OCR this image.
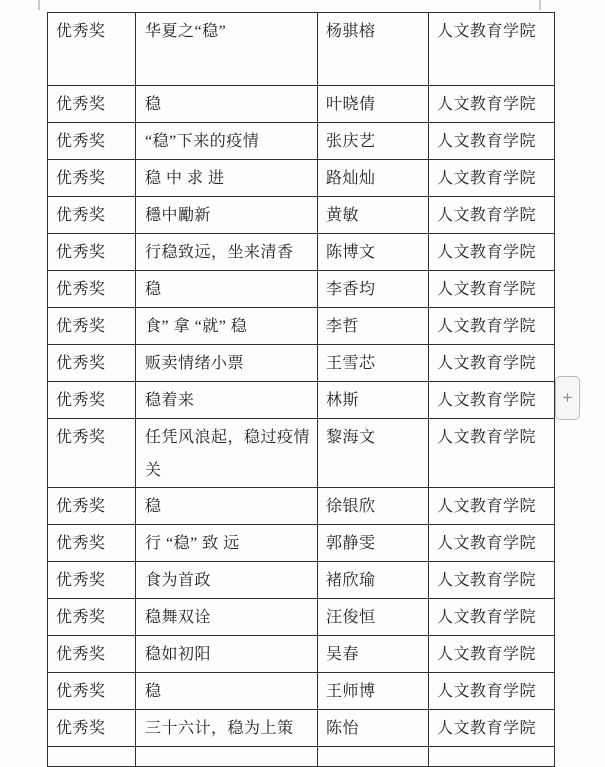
优秀奖	华夏之“稳”	杨骐榕	人文教育学院
优秀奖	稳	叶晓倩	人文教育学院
优秀奖	“稳”下来的疫情	张庆艺	人文教育学院
优秀奖	稳 中 求 进	路灿灿	人文教育学院
优秀奖	穩中勵新	黄敏	人文教育学院
优秀奖	行稳致远，坐来清香	陈博文	人文教育学院
优秀奖	稳	李香均	人文教育学院
优秀奖	食” 拿 “就” 稳	李哲	人文教育学院
优秀奖	贩卖情绪小票	王雪芯	人文教育学院
优秀奖	稳着来	林斯	人文教育学院
优秀奖	任凭风浪起，稳过疫情关	黎海文	人文教育学院
优秀奖	稳	徐银欣	人文教育学院
优秀奖	行 “稳” 致 远	郭静雯	人文教育学院
优秀奖	食为首政	褚欣瑜	人文教育学院
优秀奖	稳舞双诠	汪俊恒	人文教育学院
优秀奖	稳如初阳	吴春	人文教育学院
优秀奖	稳	王师博	人文教育学院
优秀奖	三十六计，稳为上策	陈怡	人文教育学院

+
